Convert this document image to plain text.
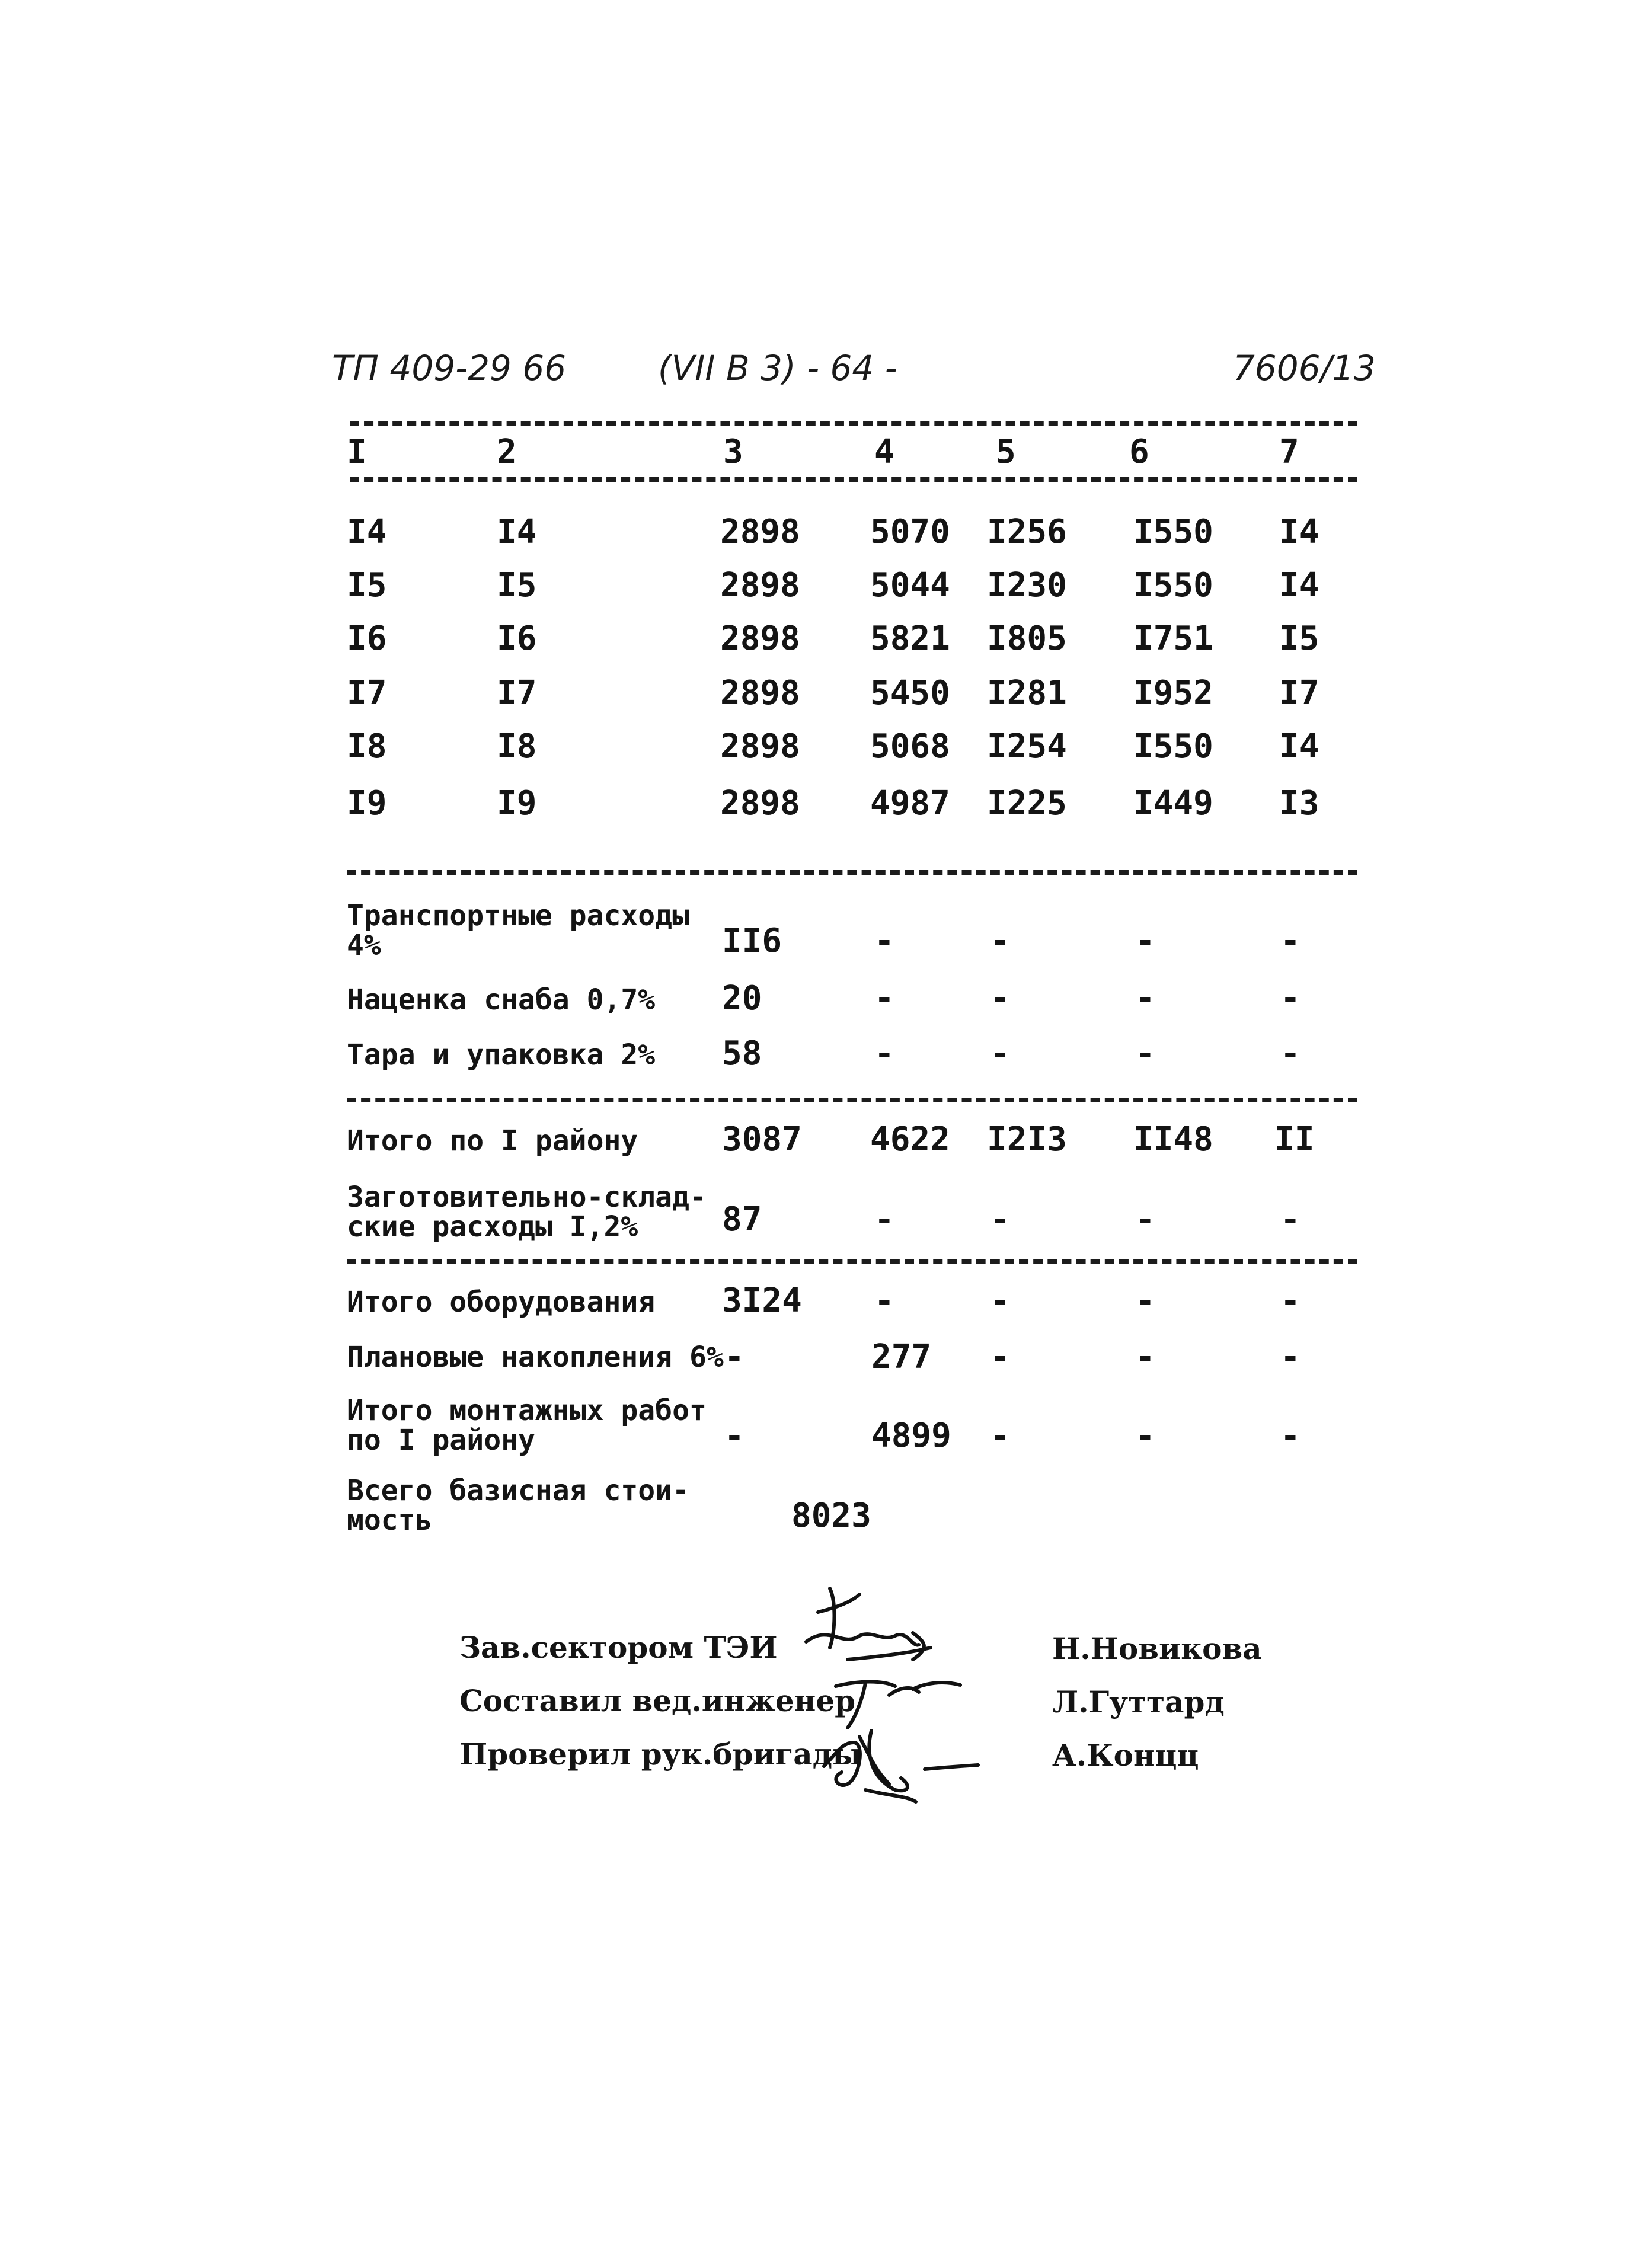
ТП 409-29 66	(VII В 3) - 64 -	7606/13
I	2	3	4	5	6	7
I4	I4	2898 5070 I256 I550 I4
I5	I5	2898 5044 I230 I550 I4
I6	I6	2898 5821 I805 I751 I5
I7	I7	2898 5450 I281 I952 I7
I8	I8	2898 5068 I254 I550 I4
I9	I9	2898 4987 I225 I449 I3
Транспортные расходы
4%	II6	-	-	-	-
Наценка снаба 0,7% 20	-	-	-	-
Тара и упаковка 2% 58	-	-	-	-
Итого по I району	3087 4622 I2I3 II48 II
Заготовительно-склад-
ские расходы I,2%	87	-	-	-	-
Итого оборудования 3I24 -	-	-	-
Плановые накопления 6% -	277 -	-	-
Итого монтажных работ
по I району	-	4899 -	-	-
Всего базисная стои-
мость	8023
Зав.сектором ТЭИ
Составил вед.инженер
Проверил рук.бригады
Н.Новикова
Л.Гуттард
А.Концц
